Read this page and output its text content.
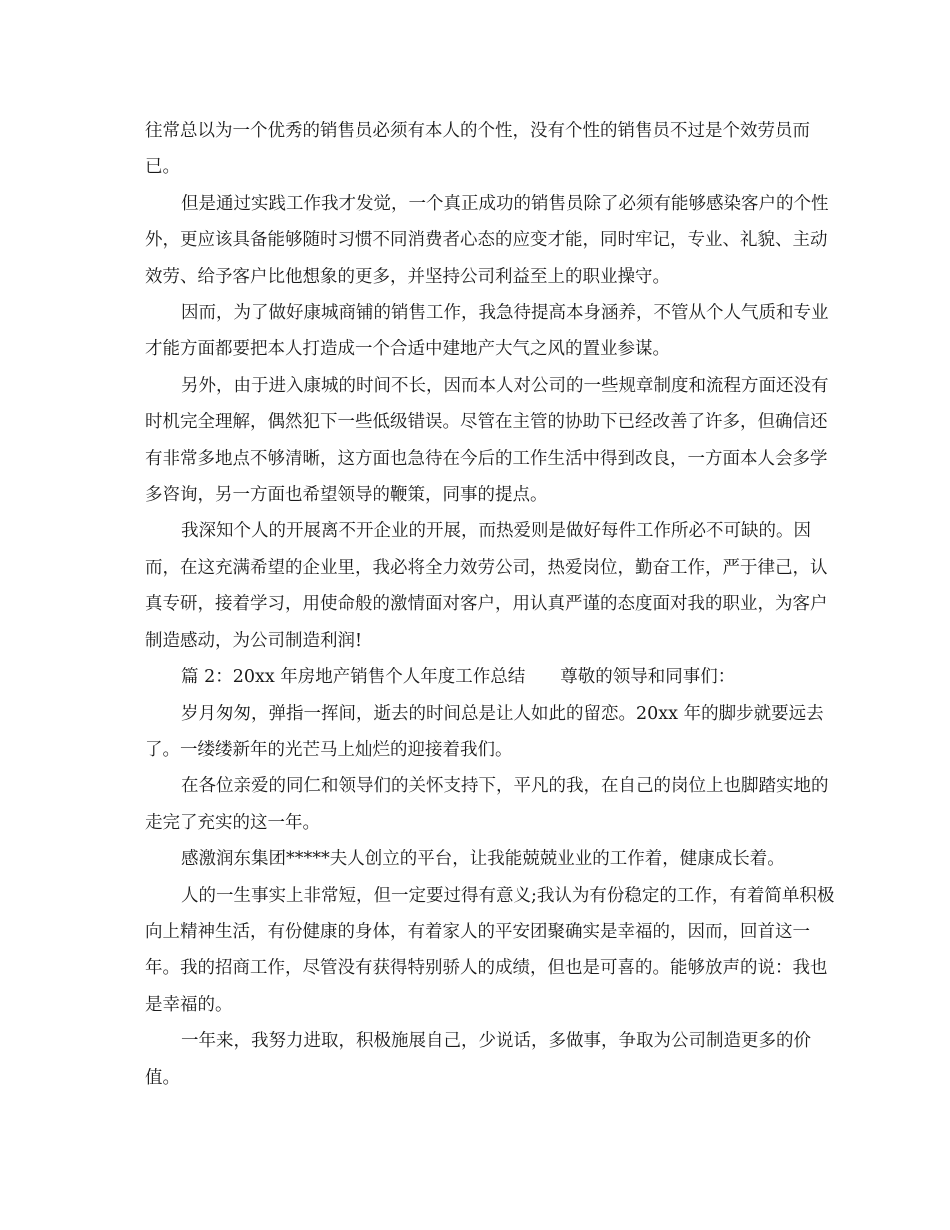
往常总以为一个优秀的销售员必须有本人的个性，没有个性的销售员不过是个效劳员而已。

但是通过实践工作我才发觉，一个真正成功的销售员除了必须有能够感染客户的个性外，更应该具备能够随时习惯不同消费者心态的应变才能，同时牢记，专业、礼貌、主动效劳、给予客户比他想象的更多，并坚持公司利益至上的职业操守。

因而，为了做好康城商铺的销售工作，我急待提高本身涵养，不管从个人气质和专业才能方面都要把本人打造成一个合适中建地产大气之风的置业参谋。

另外，由于进入康城的时间不长，因而本人对公司的一些规章制度和流程方面还没有时机完全理解，偶然犯下一些低级错误。尽管在主管的协助下已经改善了许多，但确信还有非常多地点不够清晰，这方面也急待在今后的工作生活中得到改良，一方面本人会多学多咨询，另一方面也希望领导的鞭策，同事的提点。

我深知个人的开展离不开企业的开展，而热爱则是做好每件工作所必不可缺的。因而，在这充满希望的企业里，我必将全力效劳公司，热爱岗位，勤奋工作，严于律己，认真专研，接着学习，用使命般的激情面对客户，用认真严谨的态度面对我的职业，为客户制造感动，为公司制造利润!

篇 2：20xx 年房地产销售个人年度工作总结　　尊敬的领导和同事们：

岁月匆匆，弹指一挥间，逝去的时间总是让人如此的留恋。20xx 年的脚步就要远去了。一缕缕新年的光芒马上灿烂的迎接着我们。

在各位亲爱的同仁和领导们的关怀支持下，平凡的我，在自己的岗位上也脚踏实地的走完了充实的这一年。

感激润东集团*****夫人创立的平台，让我能兢兢业业的工作着，健康成长着。

人的一生事实上非常短，但一定要过得有意义;我认为有份稳定的工作，有着简单积极向上精神生活，有份健康的身体，有着家人的平安团聚确实是幸福的，因而，回首这一年。我的招商工作，尽管没有获得特别骄人的成绩，但也是可喜的。能够放声的说：我也是幸福的。

一年来，我努力进取，积极施展自己，少说话，多做事，争取为公司制造更多的价值。
